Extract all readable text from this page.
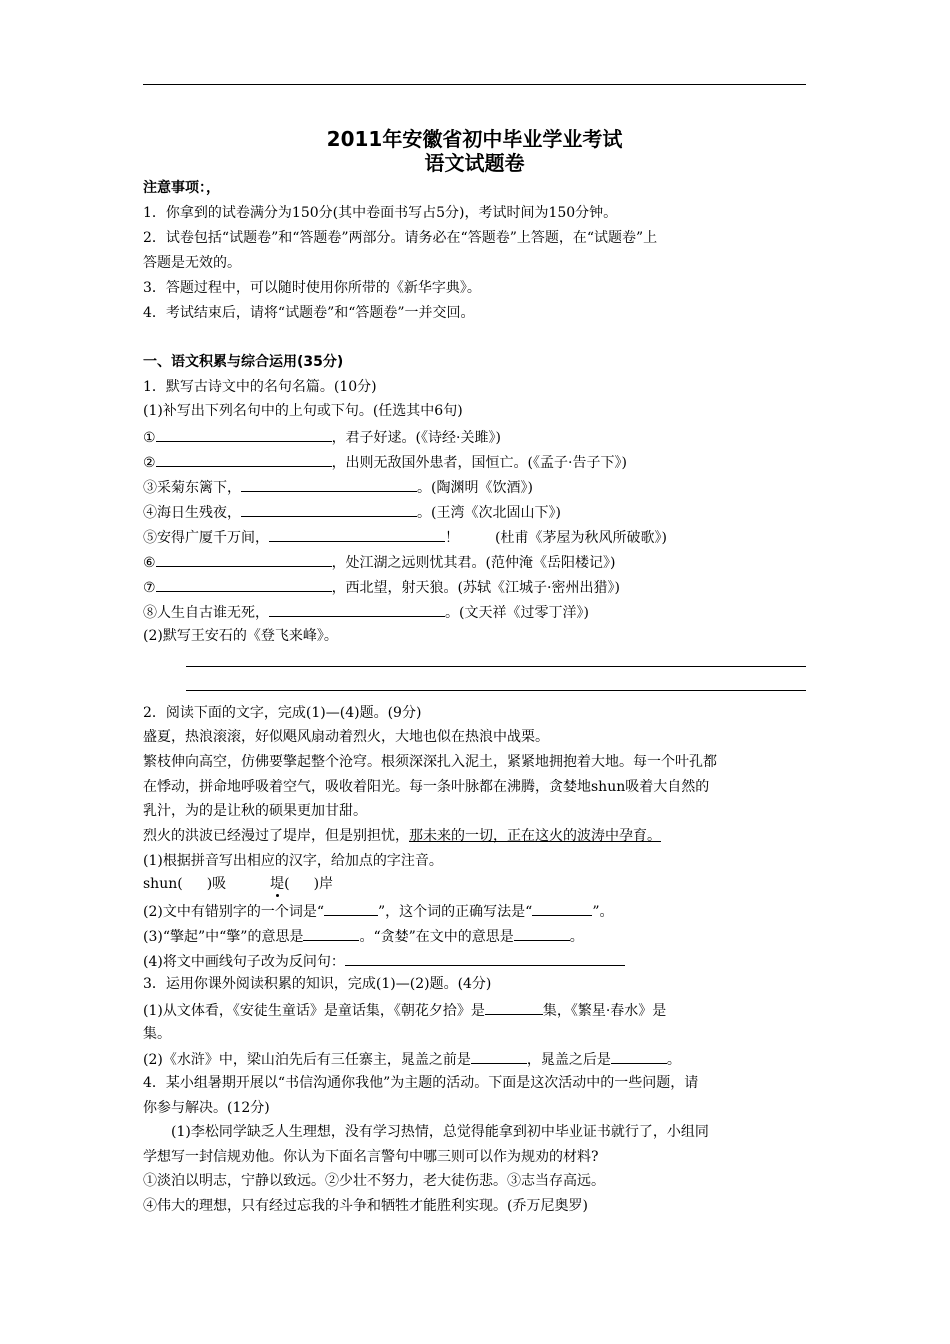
2011年安徽省初中毕业学业考试
语文试题卷
注意事项：，
1．你拿到的试卷满分为150分(其中卷面书写占5分)，考试时间为150分钟。
2．试卷包括“试题卷”和“答题卷”两部分。请务必在“答题卷”上答题，在“试题卷”上
答题是无效的。
3．答题过程中，可以随时使用你所带的《新华字典》。
4．考试结束后，请将“试题卷”和“答题卷”一并交回。
一、语文积累与综合运用(35分)
1．默写古诗文中的名句名篇。(10分)
(1)补写出下列名句中的上句或下句。(任选其中6句)
①	，君子好逑。(《诗经·关雎》)
②	，出则无敌国外患者，国恒亡。(《孟子·告子下》)
③采菊东篱下，	。(陶渊明《饮酒》)
④海日生残夜，	。(王湾《次北固山下》)
⑤安得广厦千万间，	！	(杜甫《茅屋为秋风所破歌》)
⑥	，处江湖之远则忧其君。(范仲淹《岳阳楼记》)
⑦	，西北望，射天狼。(苏轼《江城子·密州出猎》)
⑧人生自古谁无死，	。(文天祥《过零丁洋》)
(2)默写王安石的《登飞来峰》。
2．阅读下面的文字，完成(1)—(4)题。(9分)
盛夏，热浪滚滚，好似飓风扇动着烈火，大地也似在热浪中战栗。
繁枝伸向高空，仿佛要擎起整个沧穹。根须深深扎入泥土，紧紧地拥抱着大地。每一个叶孔都
在悸动，拼命地呼吸着空气，吸收着阳光。每一条叶脉都在沸腾，贪婪地shun吸着大自然的
乳汁，为的是让秋的硕果更加甘甜。
烈火的洪波已经漫过了堤岸，但是别担忧，那未来的一切，正在这火的波涛中孕育。
(1)根据拼音写出相应的汉字，给加点的字注音。
shun( )吸	堤( )岸
(2)文中有错别字的一个词是“	”，这个词的正确写法是“	”。
(3)“擎起”中“擎”的意思是	。“贪婪”在文中的意思是	。
(4)将文中画线句子改为反问句：
3．运用你课外阅读积累的知识，完成(1)—(2)题。(4分)
(1)从文体看，《安徒生童话》是童话集，《朝花夕拾》是	集，《繁星·春水》是
集。
(2)《水浒》中，梁山泊先后有三任寨主，晁盖之前是	，晁盖之后是	。
4．某小组暑期开展以“书信沟通你我他”为主题的活动。下面是这次活动中的一些问题，请
你参与解决。(12分)
(1)李松同学缺乏人生理想，没有学习热情，总觉得能拿到初中毕业证书就行了，小组同
学想写一封信规劝他。你认为下面名言警句中哪三则可以作为规劝的材料?
①淡泊以明志，宁静以致远。②少壮不努力，老大徒伤悲。③志当存高远。
④伟大的理想，只有经过忘我的斗争和牺牲才能胜利实现。(乔万尼奥罗)
